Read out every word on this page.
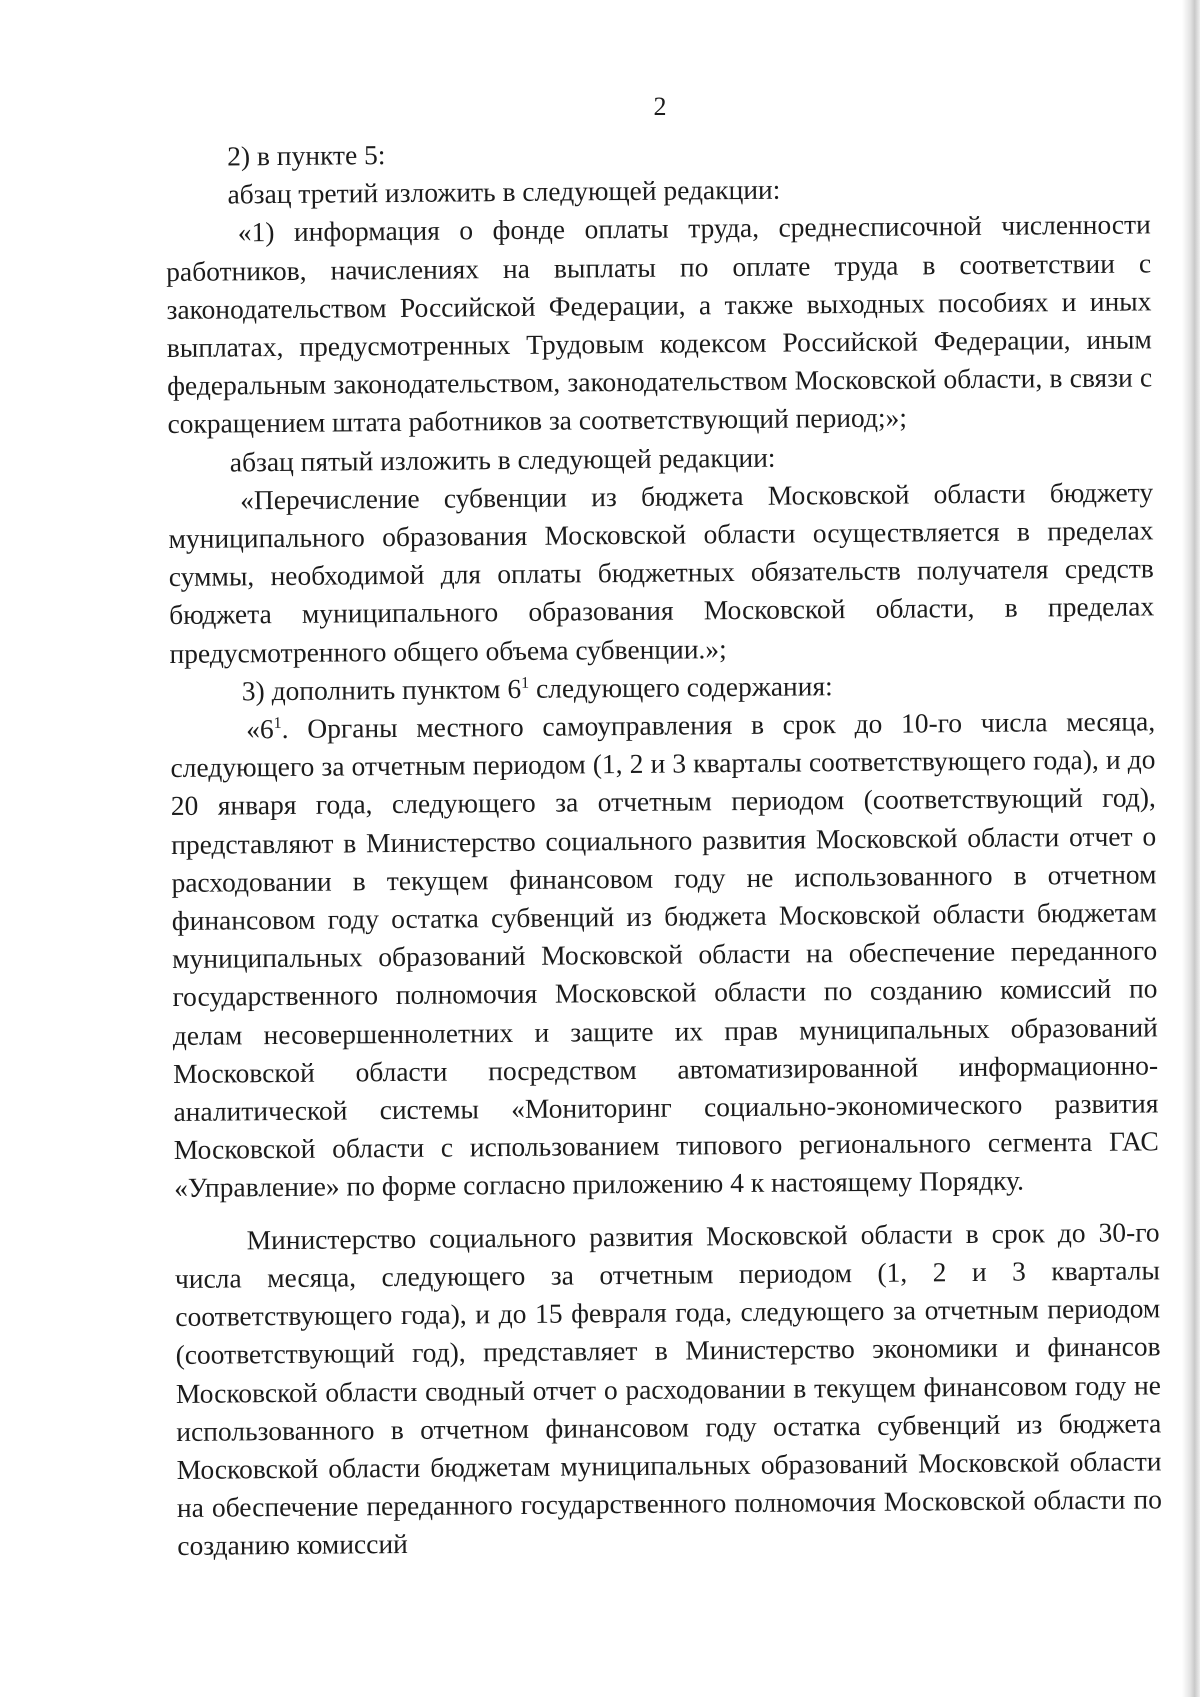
2

2) в пункте 5:

абзац третий изложить в следующей редакции:

«1) информация о фонде оплаты труда, среднесписочной численности работников, начислениях на выплаты по оплате труда в соответствии с законодательством Российской Федерации, а также выходных пособиях и иных выплатах, предусмотренных Трудовым кодексом Российской Федерации, иным федеральным законодательством, законодательством Московской области, в связи с сокращением штата работников за соответствующий период;»;

абзац пятый изложить в следующей редакции:

«Перечисление субвенции из бюджета Московской области бюджету муниципального образования Московской области осуществляется в пределах суммы, необходимой для оплаты бюджетных обязательств получателя средств бюджета муниципального образования Московской области, в пределах предусмотренного общего объема субвенции.»;

3) дополнить пунктом $6^1$ следующего содержания:

«$6^1$. Органы местного самоуправления в срок до 10-го числа месяца, следующего за отчетным периодом (1, 2 и 3 кварталы соответствующего года), и до 20 января года, следующего за отчетным периодом (соответствующий год), представляют в Министерство социального развития Московской области отчет о расходовании в текущем финансовом году не использованного в отчетном финансовом году остатка субвенций из бюджета Московской области бюджетам муниципальных образований Московской области на обеспечение переданного государственного полномочия Московской области по созданию комиссий по делам несовершеннолетних и защите их прав муниципальных образований Московской области посредством автоматизированной информационно-аналитической системы «Мониторинг социально-экономического развития Московской области с использованием типового регионального сегмента ГАС «Управление» по форме согласно приложению 4 к настоящему Порядку.

Министерство социального развития Московской области в срок до 30-го числа месяца, следующего за отчетным периодом (1, 2 и 3 кварталы соответствующего года), и до 15 февраля года, следующего за отчетным периодом (соответствующий год), представляет в Министерство экономики и финансов Московской области сводный отчет о расходовании в текущем финансовом году не использованного в отчетном финансовом году остатка субвенций из бюджета Московской области бюджетам муниципальных образований Московской области на обеспечение переданного государственного полномочия Московской области по созданию комиссий
